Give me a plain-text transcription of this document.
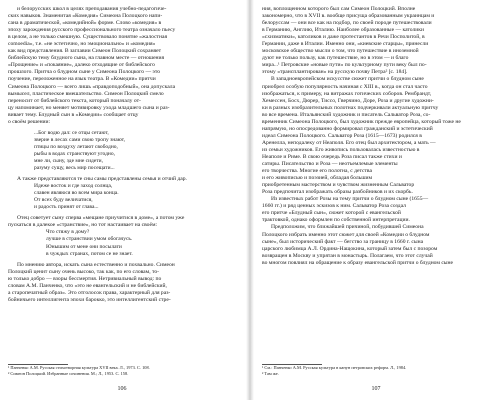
и белорусских школ в целях преподавания учебно-педагогиче-
ских навыков. Знаменитая «Комедия» Симеона Полоцкого напи-
сана в драматической, «комедийной» форме. Слово «комедия» в
эпоху зарождения русского профессионального театра означало пьесу
в целом, а не только смешную. Существовало понятие «жалостная
comoedia», т.е. «не эстетично, но эмоционально» и «комедия»
как вид представления. В заглавии Симеон Полоцкий сохраняет
библейскую тему блудного сына, на главном месте — отношения
«Прощение» и «покаяние», далеко отходящие от библейского
прошлого. Притча о блудном сыне у Симеона Полоцкого — это
поучение, переложенное на язык театра. В «Комедии» притчи
Симеона Полоцкого — всего лишь «правдоподобный», она допускала
вымысел, пластическое вмешательство. Симеон Полоцкий смело
переносит от библейского текста, который поначалу от-
цу напоминает, но меняет мотивировку ухода младшего сына и раз-
вивает тему. Блудный сын в «Комедии» сообщает отцу
о своём решении:
...Бог водю дал: се отцы сетают,
зверие в лесах сами свою тропу знают,
птицы по воздуху летают свободно,
рыбы в водах странствуют угодно,
мне ли, сыну, зде мне сидети,
разуму сущу, весь мир посещати...
А также представляются те сны самы представлены семья и отчий дар.
Идеже восток и где заход солнца,
славен являюся во всем мира конца.
От всех буду величатися,
и радость принят от глава...
Отец советует сыну сперва «мещане приучитися в доме», а потом уже
пускаться в далекое «странствие», но тот настаивает на своём:
Что стяжу в дому?
лучше в странствии умом обогачусь.
Юнышим от мене они посылати
в чуждых странах, потом се не знает.
По мнению автора, искать сына естественно и похвально. Симеон
Полоцкий ценит сыну очень высоко, так как, по его словам, то-
ю только добро — взоры бессмертия. Нетривиальный вывод: по
словам А.М. Панченко, что «это не евангельский и не библейский,
а старопечатный образ». Это отголосок права, характерный для раз-
бойничьего интеллигента эпохи барокко, это интеллигентский стре-
¹ Панченко А.М. Русская стихотворная культура XVII века. Л., 1973. С. 108.
² Симеон Полоцкий. Избранные сочинения. М.; Л., 1953. С. 158.
106
ния, воплощенном которого был сам Симеон Полоцкий. Вполне
закономерно, что в XVII в. вообще присуща образованным украинцам и
белоруссам — они все как на подбор, по своей породе путешествовали
в Германию, Англию, Италию. Наиболее образованные — католики
«схизматики», католиков и даже протестантов в Речи Посполитой, в
Германии, даже в Италии. Именно они, «киевские старцы», принесли
московское общество мысли о том, что путешествие в иноземной
дуют не только пользу, как путешествие, но в этом — и благо
мира...¹ Петровские «новые пути» по культурному пути веку был по-
этому «трансплантирован» на русскую почву Петра² [с. 184].
В западноевропейском искусстве сюжет притчи о блудном сыне
приобрел особую популярность начиная с XIII в., когда он стал часто
изображаться, к примеру, на витражах готических соборов. Рембрандт,
Хемессен, Босх, Дюрер, Тиссо, Гверчино, Доре, Роза и другие художни-
ки в разных изобразительных полотнах подчеркивали актуальную притчу
во все времена. Итальянский художник и писатель Сальватор Роза, со-
временник Симеона Полоцкого, был художник прежде европейца, который тоже не
напрямую, но опосредованно формировал гражданский и эстетический
идеал Симеона Полоцкого. Сальватор Роза (1615—1673) родился в
Аренелла, неподалеку от Неаполя. Его отец был архитектором, а мать —
из семьи художников. Его живопись пользовалась известностью в
Неаполе и Риме. В свою очередь Роза писал также стихи и
сатиры. Писательство и Роза — неотъемлемые элементы
его творчества. Многие его полотна, с детства
и его живописью и поэзией, обладая большим
приобретенным мастерством и чувством жизненным Сальватор
Роза предпочитал изображать образы разбойников и их скорбь.
Из известных работ Розы на тему притчи о блудном сыне (1655—
1660 гг.) и ряд ценных эскизов к ним. Сальватор Роза создал
его притче «Блудный сын», сюжет которой с евангельской
трактовкой, однако оформлен по собственной интерпретации.
Предположим, что ближайшей причиной, побудившей Симеона
Полоцкого избрать именно этот сюжет для своей «Комедии о блудном
сыне», был исторический факт — бегство за границу в 1660 г. сына
царского любимца А.Л. Ордина-Нащокина, который затем был с позором
возвращен в Москву и упрятан в монастырь. Полагаем, что этот случай
во многом повлиял на обращение к образу евангельской притчи о блудном сыне
¹ См.: Панченко А.М. Русская культура в канун петровских реформ. Л., 1984.
² Там же.
107
